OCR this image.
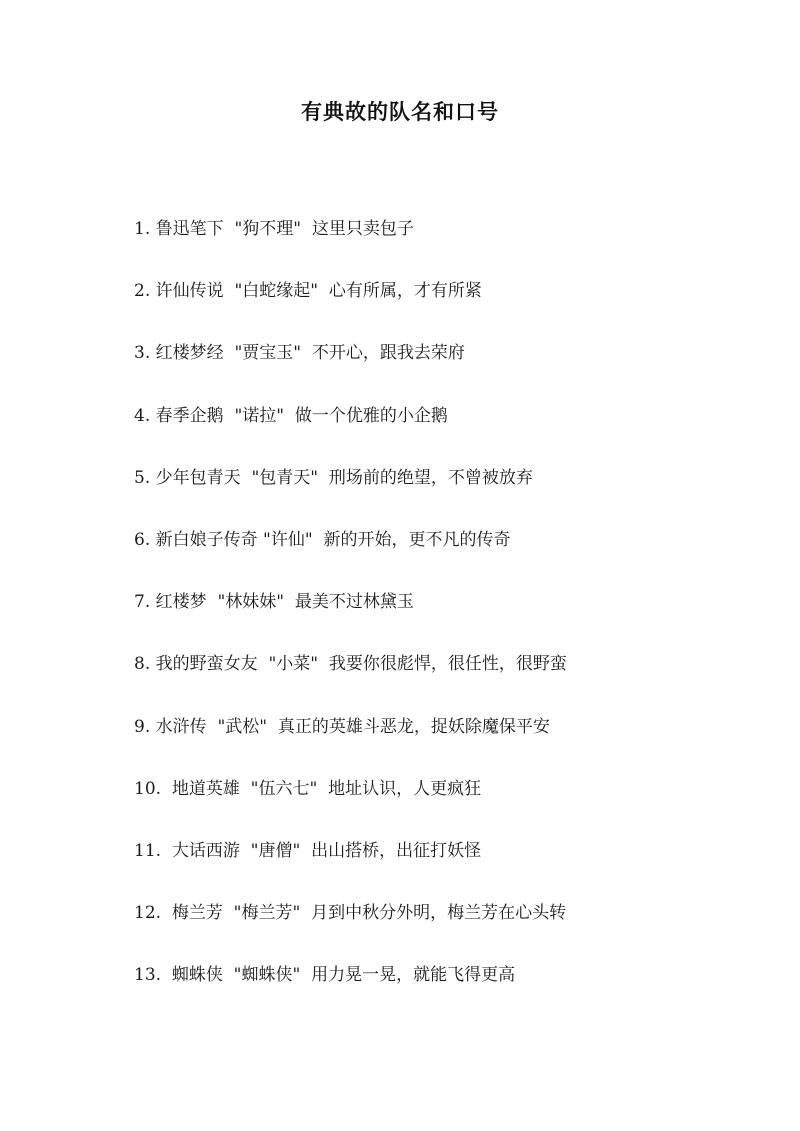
有典故的队名和口号
1. 鲁迅笔下 "狗不理" 这里只卖包子
2. 许仙传说 "白蛇缘起" 心有所属，才有所紧
3. 红楼梦经 "贾宝玉" 不开心，跟我去荣府
4. 春季企鹅 "诺拉" 做一个优雅的小企鹅
5. 少年包青天 "包青天" 刑场前的绝望，不曾被放弃
6. 新白娘子传奇 "许仙" 新的开始，更不凡的传奇
7. 红楼梦 "林妹妹" 最美不过林黛玉
8. 我的野蛮女友 "小菜" 我要你很彪悍，很任性，很野蛮
9. 水浒传 "武松" 真正的英雄斗恶龙，捉妖除魔保平安
10. 地道英雄 "伍六七" 地址认识，人更疯狂
11. 大话西游 "唐僧" 出山搭桥，出征打妖怪
12. 梅兰芳 "梅兰芳" 月到中秋分外明，梅兰芳在心头转
13. 蜘蛛侠 "蜘蛛侠" 用力晃一晃，就能飞得更高
